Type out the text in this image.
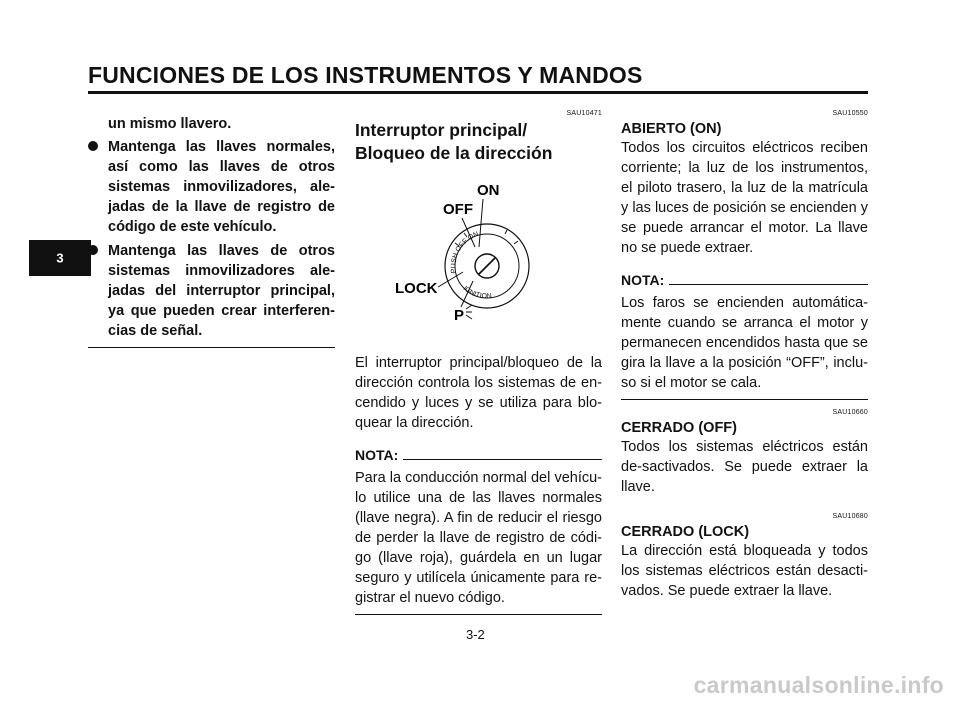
FUNCIONES DE LOS INSTRUMENTOS Y MANDOS
3
un mismo llavero.
Mantenga las llaves normales, así como las llaves de otros sistemas inmovilizadores, ale-jadas de la llave de registro de código de este vehículo.
Mantenga las llaves de otros sistemas inmovilizadores ale-jadas del interruptor principal, ya que pueden crear interferen-cias de señal.
SAU10471
Interruptor principal/
Bloqueo de la dirección
ON
OFF
LOCK
P
PUSH OFF ON
IGNITION
El interruptor principal/bloqueo de la dirección controla los sistemas de en-cendido y luces y se utiliza para blo-quear la dirección.
NOTA:
Para la conducción normal del vehícu-lo utilice una de las llaves normales (llave negra). A fin de reducir el riesgo de perder la llave de registro de códi-go (llave roja), guárdela en un lugar seguro y utilícela únicamente para re-gistrar el nuevo código.
SAU10550
ABIERTO (ON)
Todos los circuitos eléctricos reciben corriente; la luz de los instrumentos, el piloto trasero, la luz de la matrícula y las luces de posición se encienden y se puede arrancar el motor. La llave no se puede extraer.
NOTA:
Los faros se encienden automática-mente cuando se arranca el motor y permanecen encendidos hasta que se gira la llave a la posición “OFF”, inclu-so si el motor se cala.
SAU10660
CERRADO (OFF)
Todos los sistemas eléctricos están de-sactivados. Se puede extraer la llave.
SAU10680
CERRADO (LOCK)
La dirección está bloqueada y todos los sistemas eléctricos están desacti-vados. Se puede extraer la llave.
3-2
carmanualsonline.info
